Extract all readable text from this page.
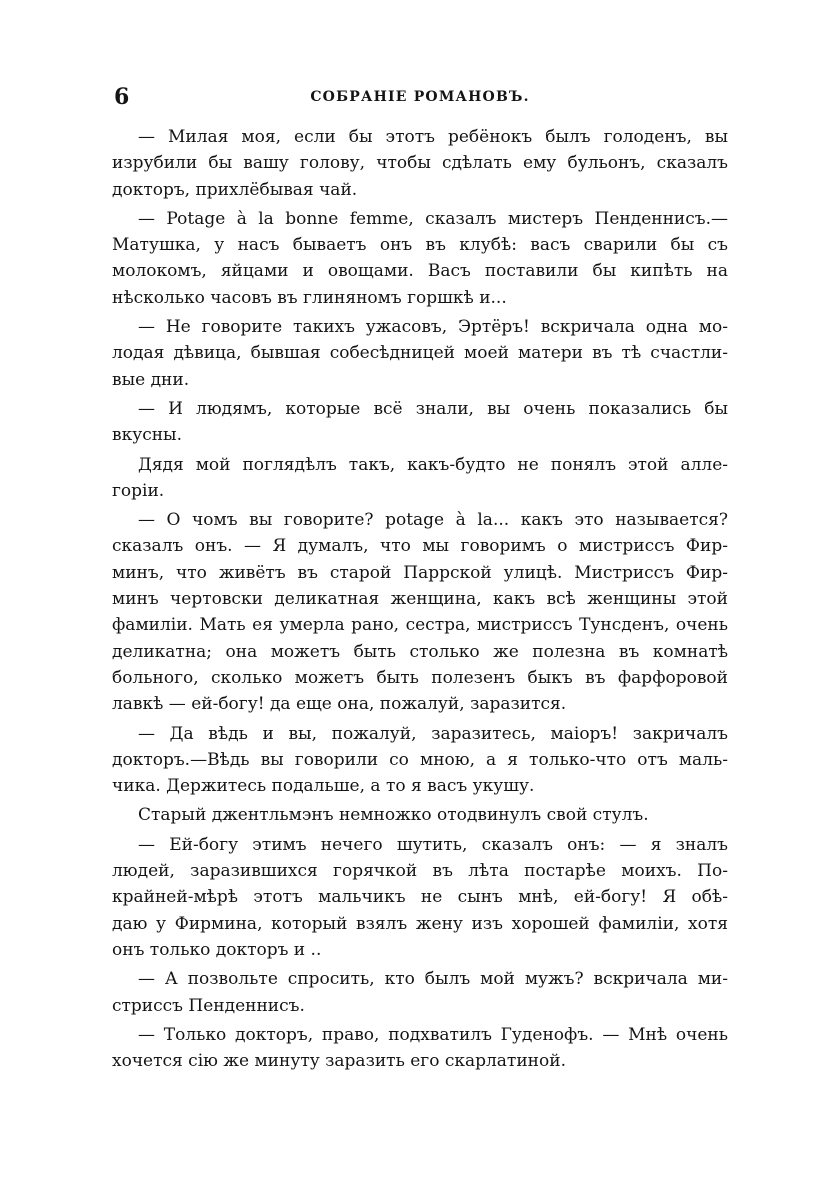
6	СОБРАНІЕ РОМАНОВЪ.
— Милая моя, если бы этотъ ребёнокъ былъ голоденъ, вы
изрубили бы вашу голову, чтобы сдѣлать ему бульонъ, сказалъ
докторъ, прихлёбывая чай.
— Potage à la bonne femme, сказалъ мистеръ Пенденнисъ.—
Матушка, у насъ бываетъ онъ въ клубѣ: васъ сварили бы съ
молокомъ, яйцами и овощами. Васъ поставили бы кипѣть на
нѣсколько часовъ въ глиняномъ горшкѣ и...
— Не говорите такихъ ужасовъ, Эртёръ! вскричала одна мо-
лодая дѣвица, бывшая собесѣдницей моей матери въ тѣ счастли-
вые дни.
— И людямъ, которые всё знали, вы очень показались бы
вкусны.
Дядя мой поглядѣлъ такъ, какъ-будто не понялъ этой алле-
горіи.
— О чомъ вы говорите? potage à la... какъ это называется?
сказалъ онъ. — Я думалъ, что мы говоримъ о мистриссъ Фир-
минъ, что живётъ въ старой Паррской улицѣ. Мистриссъ Фир-
минъ чертовски деликатная женщина, какъ всѣ женщины этой
фамиліи. Мать ея умерла рано, сестра, мистриссъ Тунсденъ, очень
деликатна; она можетъ быть столько же полезна въ комнатѣ
больного, сколько можетъ быть полезенъ быкъ въ фарфоровой
лавкѣ — ей-богу! да еще она, пожалуй, заразится.
— Да вѣдь и вы, пожалуй, заразитесь, маіоръ! закричалъ
докторъ.—Вѣдь вы говорили со мною, а я только-что отъ маль-
чика. Держитесь подальше, а то я васъ укушу.
Старый джентльмэнъ немножко отодвинулъ свой стулъ.
— Ей-богу этимъ нечего шутить, сказалъ онъ: — я зналъ
людей, заразившихся горячкой въ лѣта постарѣе моихъ. По-
крайней-мѣрѣ этотъ мальчикъ не сынъ мнѣ, ей-богу! Я обѣ-
даю у Фирмина, который взялъ жену изъ хорошей фамиліи, хотя
онъ только докторъ и ..
— А позвольте спросить, кто былъ мой мужъ? вскричала ми-
стриссъ Пенденнисъ.
— Только докторъ, право, подхватилъ Гуденофъ. — Мнѣ очень
хочется сію же минуту заразить его скарлатиной.
